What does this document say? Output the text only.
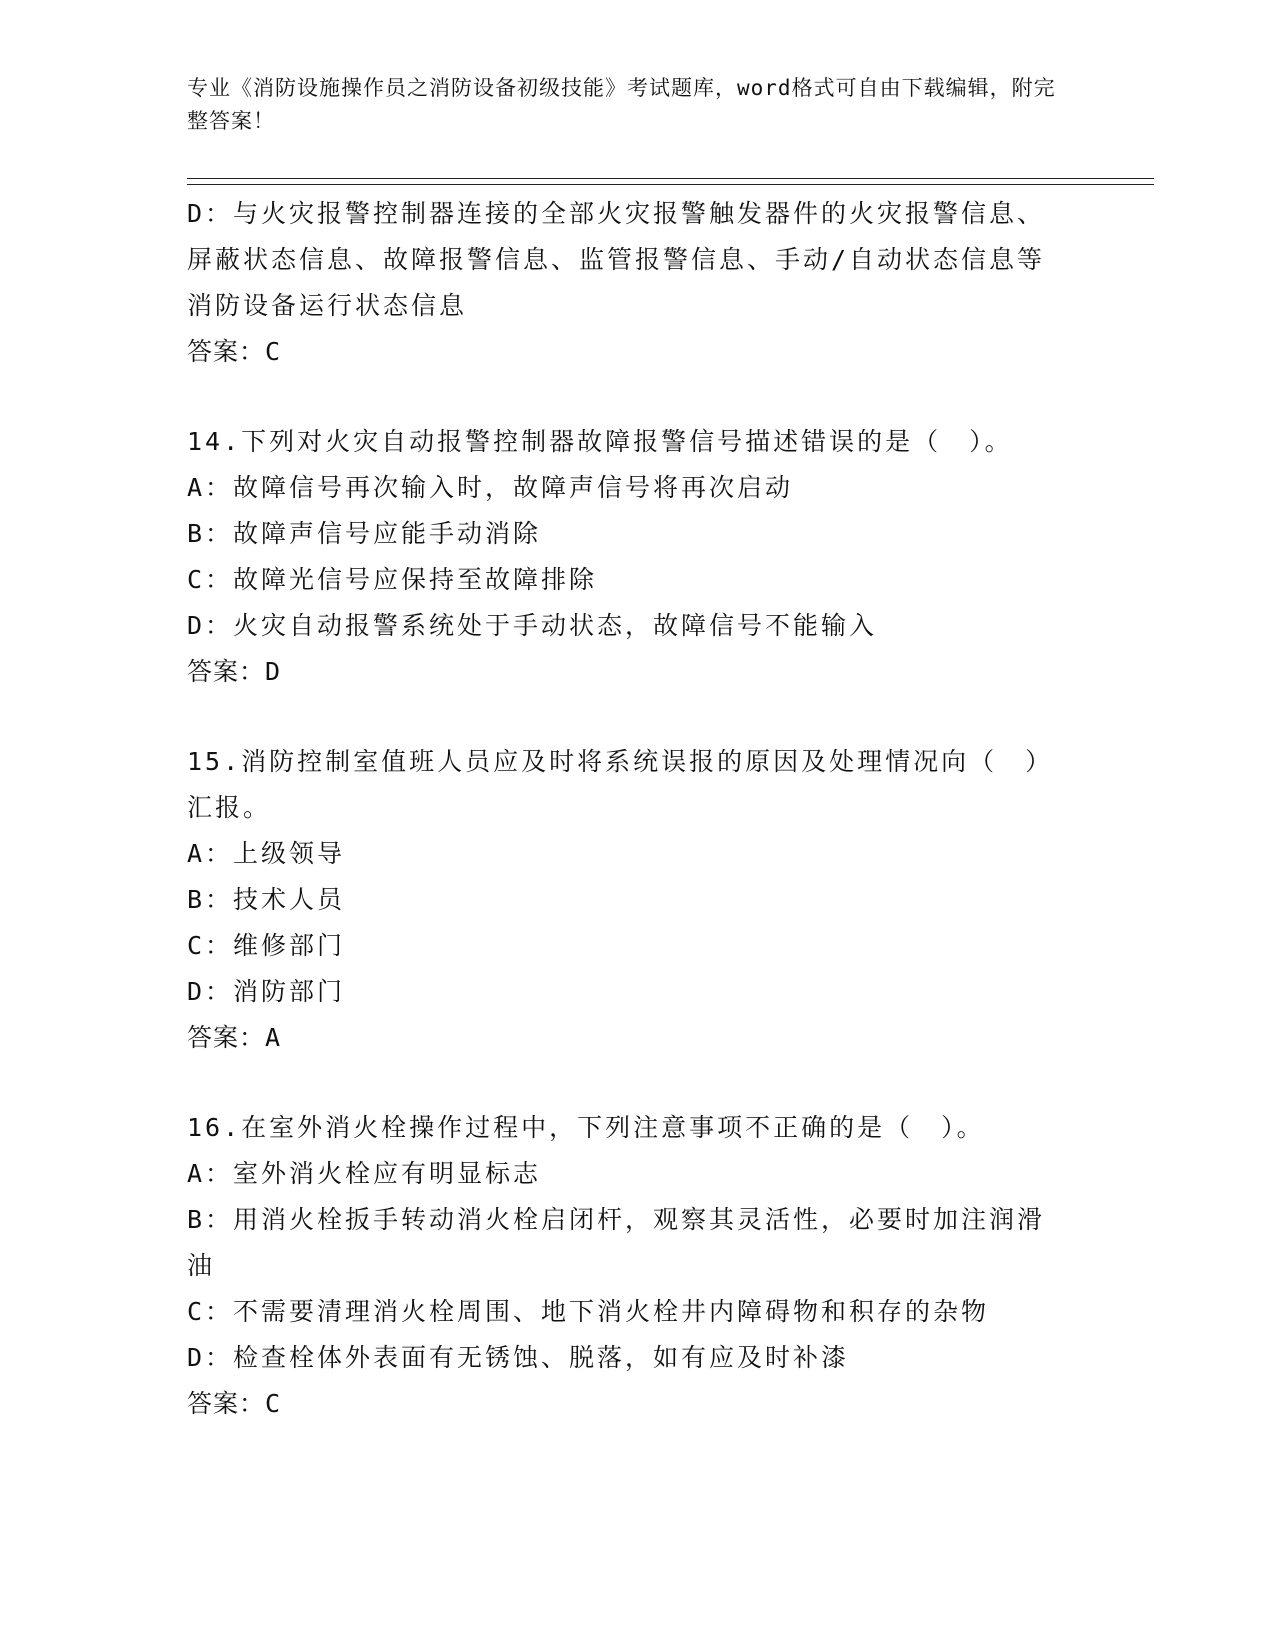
专业《消防设施操作员之消防设备初级技能》考试题库，word格式可自由下载编辑，附完整答案！
D：与火灾报警控制器连接的全部火灾报警触发器件的火灾报警信息、
屏蔽状态信息、故障报警信息、监管报警信息、手动/自动状态信息等
消防设备运行状态信息
答案：C
14.下列对火灾自动报警控制器故障报警信号描述错误的是（　）。
A：故障信号再次输入时，故障声信号将再次启动
B：故障声信号应能手动消除
C：故障光信号应保持至故障排除
D：火灾自动报警系统处于手动状态，故障信号不能输入
答案：D
15.消防控制室值班人员应及时将系统误报的原因及处理情况向（　）
汇报。
A：上级领导
B：技术人员
C：维修部门
D：消防部门
答案：A
16.在室外消火栓操作过程中，下列注意事项不正确的是（　）。
A：室外消火栓应有明显标志
B：用消火栓扳手转动消火栓启闭杆，观察其灵活性，必要时加注润滑
油
C：不需要清理消火栓周围、地下消火栓井内障碍物和积存的杂物
D：检查栓体外表面有无锈蚀、脱落，如有应及时补漆
答案：C
